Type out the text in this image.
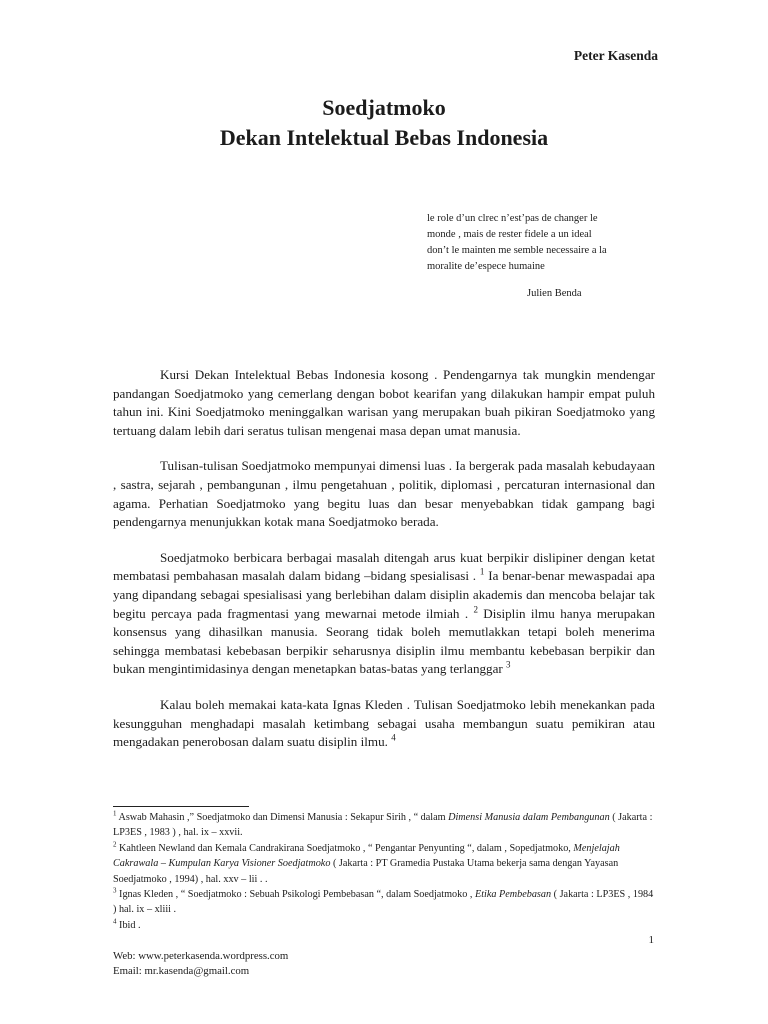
Peter Kasenda
Soedjatmoko
Dekan Intelektual Bebas Indonesia
le role d’un clrec n’est’pas de changer le
monde , mais de rester fidele a un ideal
don’t le mainten me semble necessaire a la
moralite de’espece humaine
Julien Benda

Kursi Dekan Intelektual Bebas Indonesia kosong . Pendengarnya tak mungkin mendengar pandangan Soedjatmoko yang cemerlang dengan bobot kearifan yang dilakukan hampir empat puluh tahun ini. Kini Soedjatmoko meninggalkan warisan yang merupakan buah pikiran Soedjatmoko yang tertuang dalam lebih dari seratus tulisan mengenai masa depan umat manusia.

Tulisan-tulisan Soedjatmoko mempunyai dimensi luas . Ia bergerak pada masalah kebudayaan , sastra, sejarah , pembangunan , ilmu pengetahuan , politik, diplomasi , percaturan internasional dan agama. Perhatian Soedjatmoko yang begitu luas dan besar menyebabkan tidak gampang bagi pendengarnya menunjukkan kotak mana Soedjatmoko berada.

Soedjatmoko berbicara berbagai masalah ditengah arus kuat berpikir dislipiner dengan ketat membatasi pembahasan masalah dalam bidang –bidang spesialisasi . $^1$ Ia benar-benar mewaspadai apa yang dipandang sebagai spesialisasi yang berlebihan dalam disiplin akademis dan mencoba belajar tak begitu percaya pada fragmentasi yang mewarnai metode ilmiah . $^2$ Disiplin ilmu hanya merupakan konsensus yang dihasilkan manusia. Seorang tidak boleh memutlakkan tetapi boleh menerima sehingga membatasi kebebasan berpikir seharusnya disiplin ilmu membantu kebebasan berpikir dan bukan mengintimidasinya dengan menetapkan batas-batas yang terlanggar $^3$

Kalau boleh memakai kata-kata Ignas Kleden . Tulisan Soedjatmoko lebih menekankan pada kesungguhan menghadapi masalah ketimbang sebagai usaha membangun suatu pemikiran atau mengadakan penerobosan dalam suatu disiplin ilmu. $^4$

$^1$ Aswab Mahasin ,” Soedjatmoko dan Dimensi Manusia : Sekapur Sirih , “ dalam Dimensi Manusia dalam Pembangunan ( Jakarta : LP3ES , 1983 ) , hal. ix – xxvii.
$^2$ Kahtleen Newland dan Kemala Candrakirana Soedjatmoko , “ Pengantar Penyunting “, dalam , Sopedjatmoko, Menjelajah Cakrawala – Kumpulan Karya Visioner Soedjatmoko ( Jakarta : PT Gramedia Pustaka Utama bekerja sama dengan Yayasan Soedjatmoko , 1994) , hal. xxv – lii . .
$^3$ Ignas Kleden , “ Soedjatmoko : Sebuah Psikologi Pembebasan “, dalam Soedjatmoko , Etika Pembebasan ( Jakarta : LP3ES , 1984 ) hal. ix – xliii .
$^4$ Ibid .
1
Web: www.peterkasenda.wordpress.com
Email: mr.kasenda@gmail.com
